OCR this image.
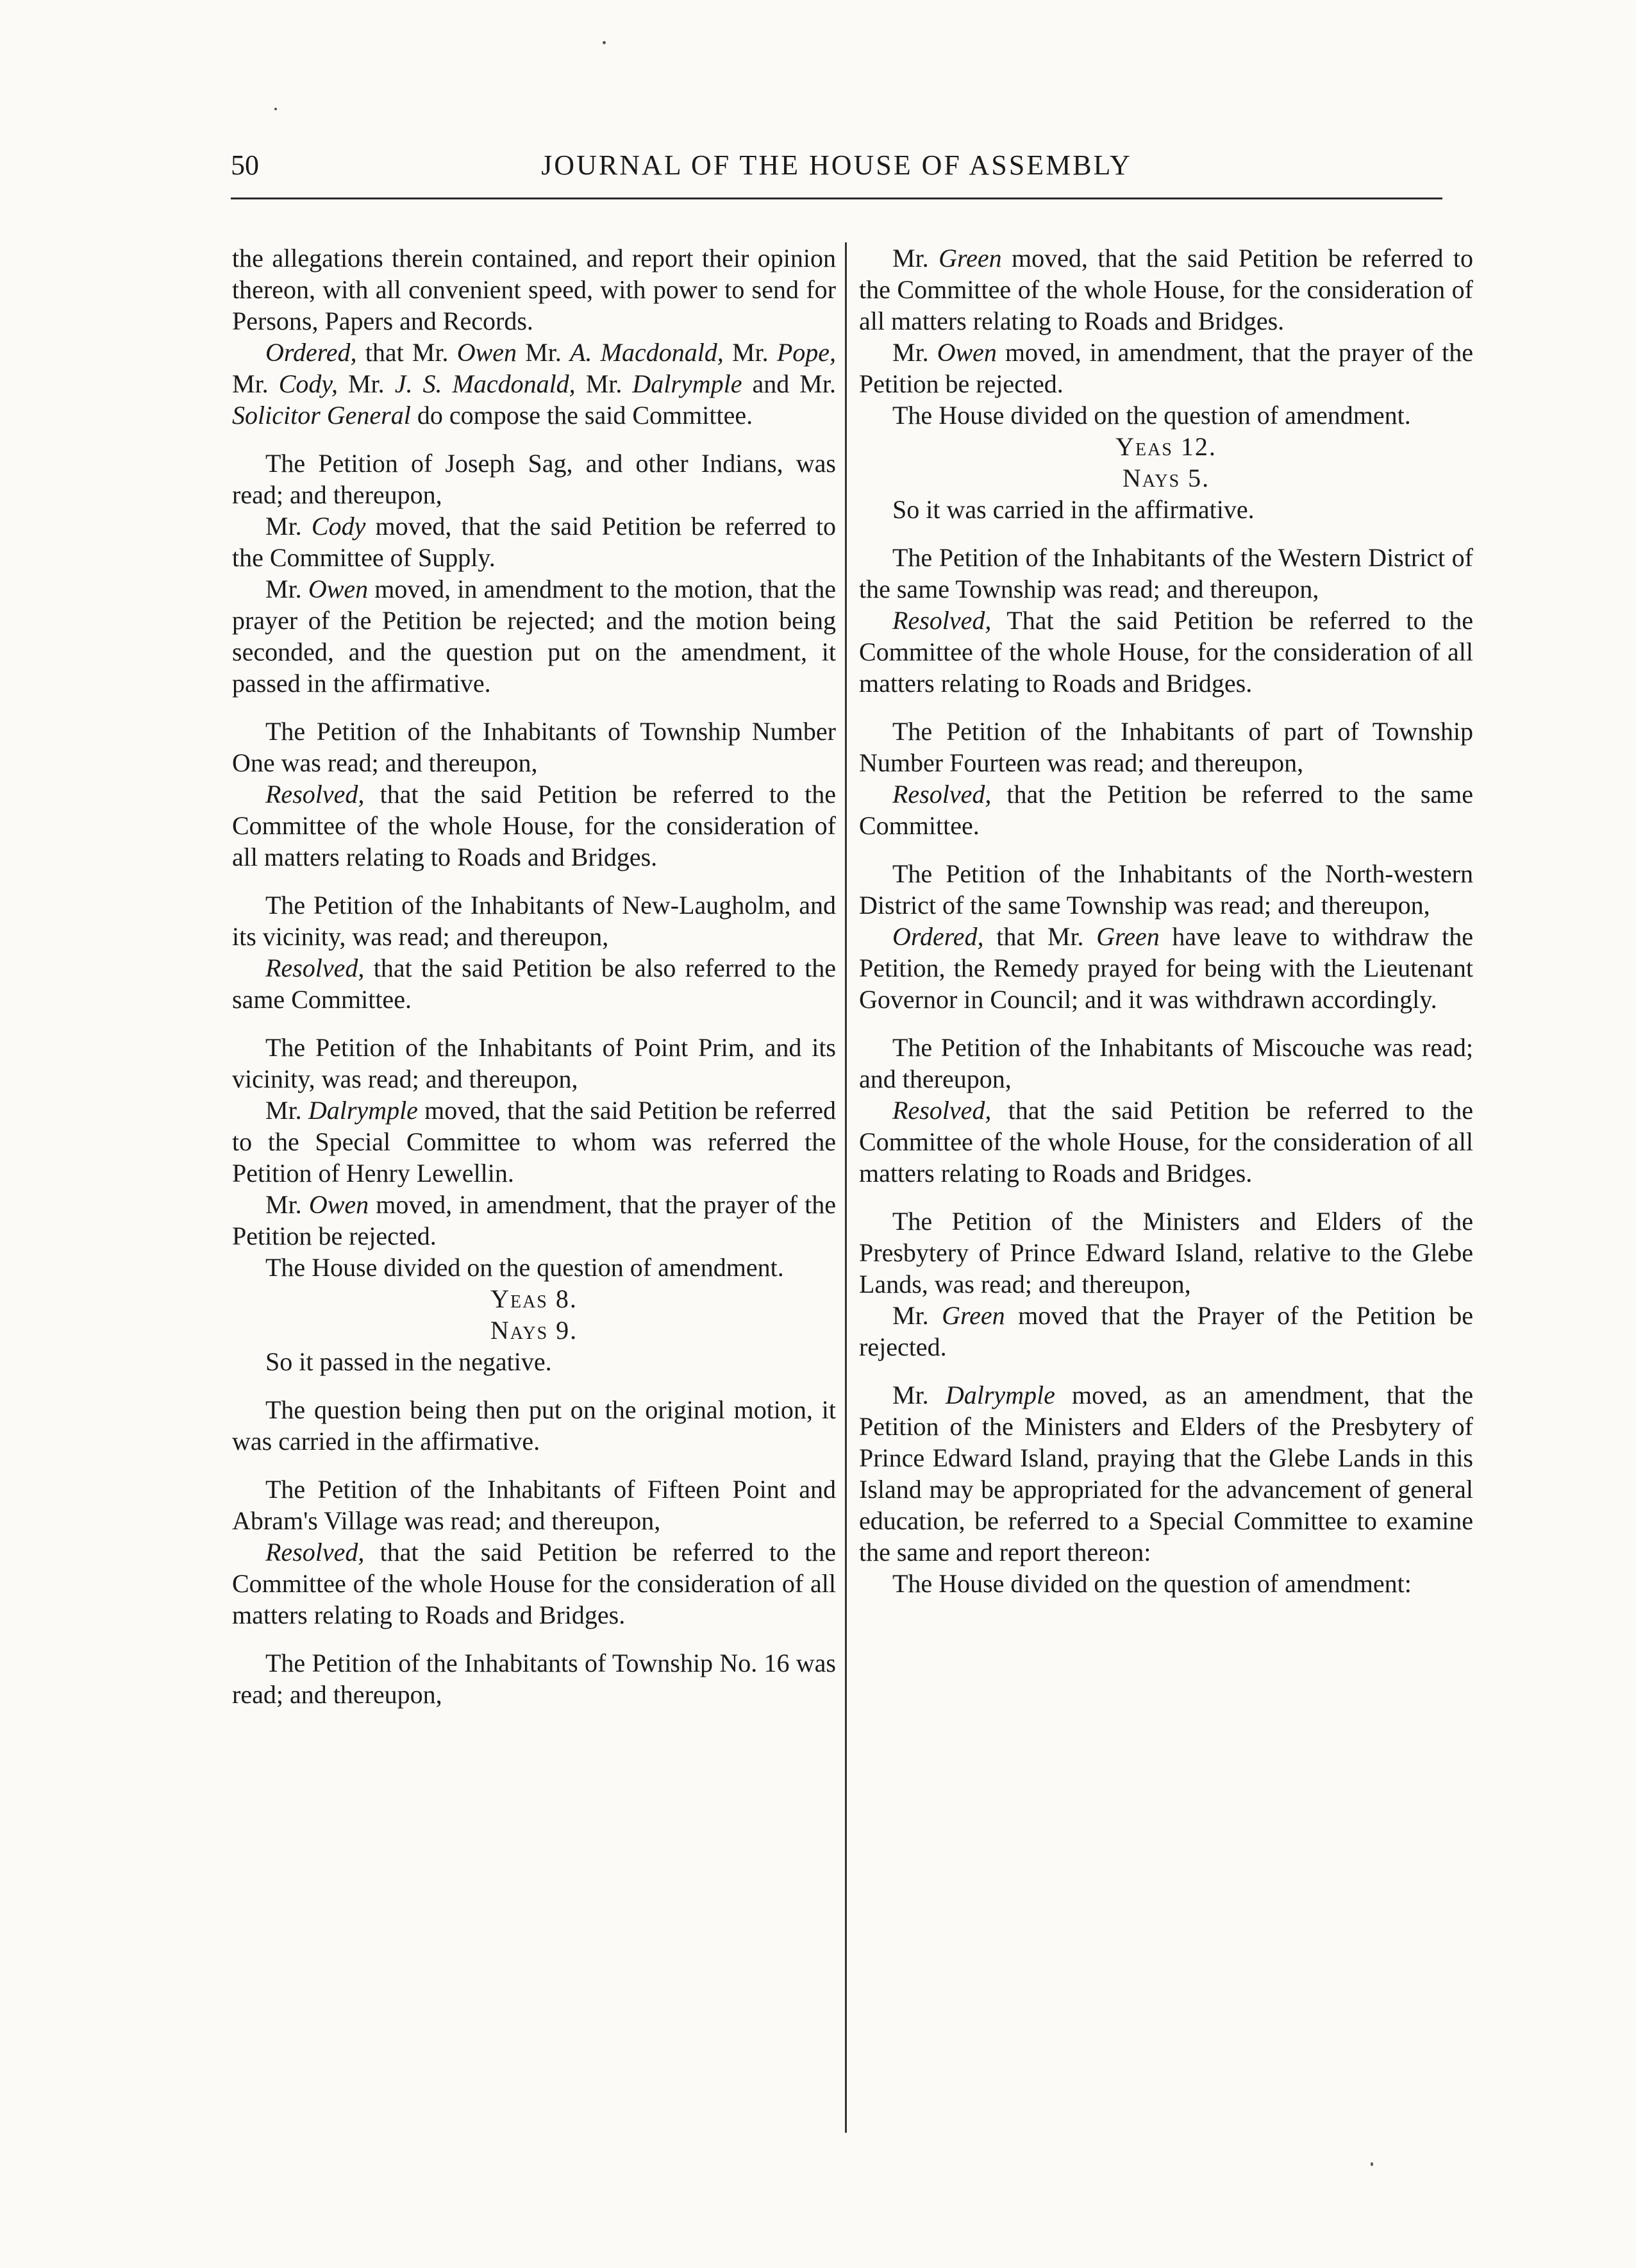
50	JOURNAL OF THE HOUSE OF ASSEMBLY

the allegations therein contained, and report their opinion thereon, with all convenient speed, with power to send for Persons, Papers and Records.

Ordered, that Mr. Owen Mr. A. Macdonald, Mr. Pope, Mr. Cody, Mr. J. S. Macdonald, Mr. Dalrymple and Mr. Solicitor General do compose the said Committee.

The Petition of Joseph Sag, and other Indians, was read; and thereupon,

Mr. Cody moved, that the said Petition be referred to the Committee of Supply.

Mr. Owen moved, in amendment to the motion, that the prayer of the Petition be rejected; and the motion being seconded, and the question put on the amendment, it passed in the affirmative.

The Petition of the Inhabitants of Township Number One was read; and thereupon,

Resolved, that the said Petition be referred to the Committee of the whole House, for the consideration of all matters relating to Roads and Bridges.

The Petition of the Inhabitants of New-Laugholm, and its vicinity, was read; and thereupon,

Resolved, that the said Petition be also referred to the same Committee.

The Petition of the Inhabitants of Point Prim, and its vicinity, was read; and thereupon,

Mr. Dalrymple moved, that the said Petition be referred to the Special Committee to whom was referred the Petition of Henry Lewellin.

Mr. Owen moved, in amendment, that the prayer of the Petition be rejected.

The House divided on the question of amendment.

Yeas 8.

Nays 9.

So it passed in the negative.

The question being then put on the original motion, it was carried in the affirmative.

The Petition of the Inhabitants of Fifteen Point and Abram's Village was read; and thereupon,

Resolved, that the said Petition be referred to the Committee of the whole House for the consideration of all matters relating to Roads and Bridges.

The Petition of the Inhabitants of Township No. 16 was read; and thereupon,

Mr. Green moved, that the said Petition be referred to the Committee of the whole House, for the consideration of all matters relating to Roads and Bridges.

Mr. Owen moved, in amendment, that the prayer of the Petition be rejected.

The House divided on the question of amendment.

Yeas 12.

Nays 5.

So it was carried in the affirmative.

The Petition of the Inhabitants of the Western District of the same Township was read; and thereupon,

Resolved, That the said Petition be referred to the Committee of the whole House, for the consideration of all matters relating to Roads and Bridges.

The Petition of the Inhabitants of part of Township Number Fourteen was read; and thereupon,

Resolved, that the Petition be referred to the same Committee.

The Petition of the Inhabitants of the North-western District of the same Township was read; and thereupon,

Ordered, that Mr. Green have leave to withdraw the Petition, the Remedy prayed for being with the Lieutenant Governor in Council; and it was withdrawn accordingly.

The Petition of the Inhabitants of Miscouche was read; and thereupon,

Resolved, that the said Petition be referred to the Committee of the whole House, for the consideration of all matters relating to Roads and Bridges.

The Petition of the Ministers and Elders of the Presbytery of Prince Edward Island, relative to the Glebe Lands, was read; and thereupon,

Mr. Green moved that the Prayer of the Petition be rejected.

Mr. Dalrymple moved, as an amendment, that the Petition of the Ministers and Elders of the Presbytery of Prince Edward Island, praying that the Glebe Lands in this Island may be appropriated for the advancement of general education, be referred to a Special Committee to examine the same and report thereon:

The House divided on the question of amendment:
